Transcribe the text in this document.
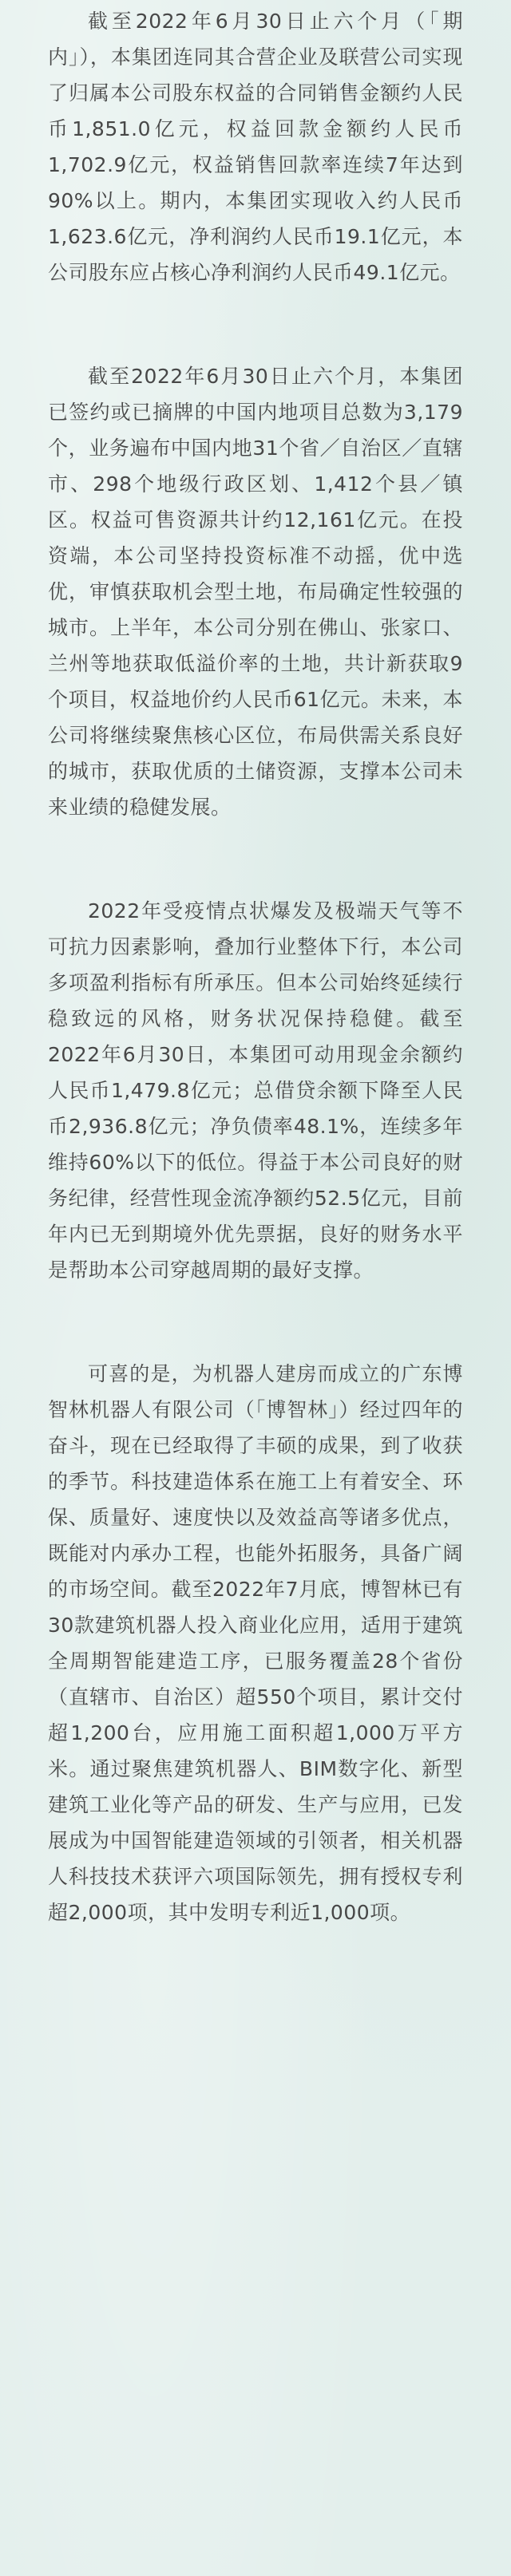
截至2022年6月30日止六个月（「期内」），本集团连同其合营企业及联营公司实现了归属本公司股东权益的合同销售金额约人民币1,851.0亿元，权益回款金额约人民币1,702.9亿元，权益销售回款率连续7年达到90%以上。期内，本集团实现收入约人民币1,623.6亿元，净利润约人民币19.1亿元，本公司股东应占核心净利润约人民币49.1亿元。

截至2022年6月30日止六个月，本集团已签约或已摘牌的中国内地项目总数为3,179个，业务遍布中国内地31个省／自治区／直辖市、298个地级行政区划、1,412个县／镇区。权益可售资源共计约12,161亿元。在投资端，本公司坚持投资标准不动摇，优中选优，审慎获取机会型土地，布局确定性较强的城市。上半年，本公司分别在佛山、张家口、兰州等地获取低溢价率的土地，共计新获取9个项目，权益地价约人民币61亿元。未来，本公司将继续聚焦核心区位，布局供需关系良好的城市，获取优质的土储资源，支撑本公司未来业绩的稳健发展。

2022年受疫情点状爆发及极端天气等不可抗力因素影响，叠加行业整体下行，本公司多项盈利指标有所承压。但本公司始终延续行稳致远的风格，财务状况保持稳健。截至2022年6月30日，本集团可动用现金余额约人民币1,479.8亿元；总借贷余额下降至人民币2,936.8亿元；净负债率48.1%，连续多年维持60%以下的低位。得益于本公司良好的财务纪律，经营性现金流净额约52.5亿元，目前年内已无到期境外优先票据，良好的财务水平是帮助本公司穿越周期的最好支撑。

可喜的是，为机器人建房而成立的广东博智林机器人有限公司（「博智林」）经过四年的奋斗，现在已经取得了丰硕的成果，到了收获的季节。科技建造体系在施工上有着安全、环保、质量好、速度快以及效益高等诸多优点，既能对内承办工程，也能外拓服务，具备广阔的市场空间。截至2022年7月底，博智林已有30款建筑机器人投入商业化应用，适用于建筑全周期智能建造工序，已服务覆盖28个省份（直辖市、自治区）超550个项目，累计交付超1,200台，应用施工面积超1,000万平方米。通过聚焦建筑机器人、BIM数字化、新型建筑工业化等产品的研发、生产与应用，已发展成为中国智能建造领域的引领者，相关机器人科技技术获评六项国际领先，拥有授权专利超2,000项，其中发明专利近1,000项。
